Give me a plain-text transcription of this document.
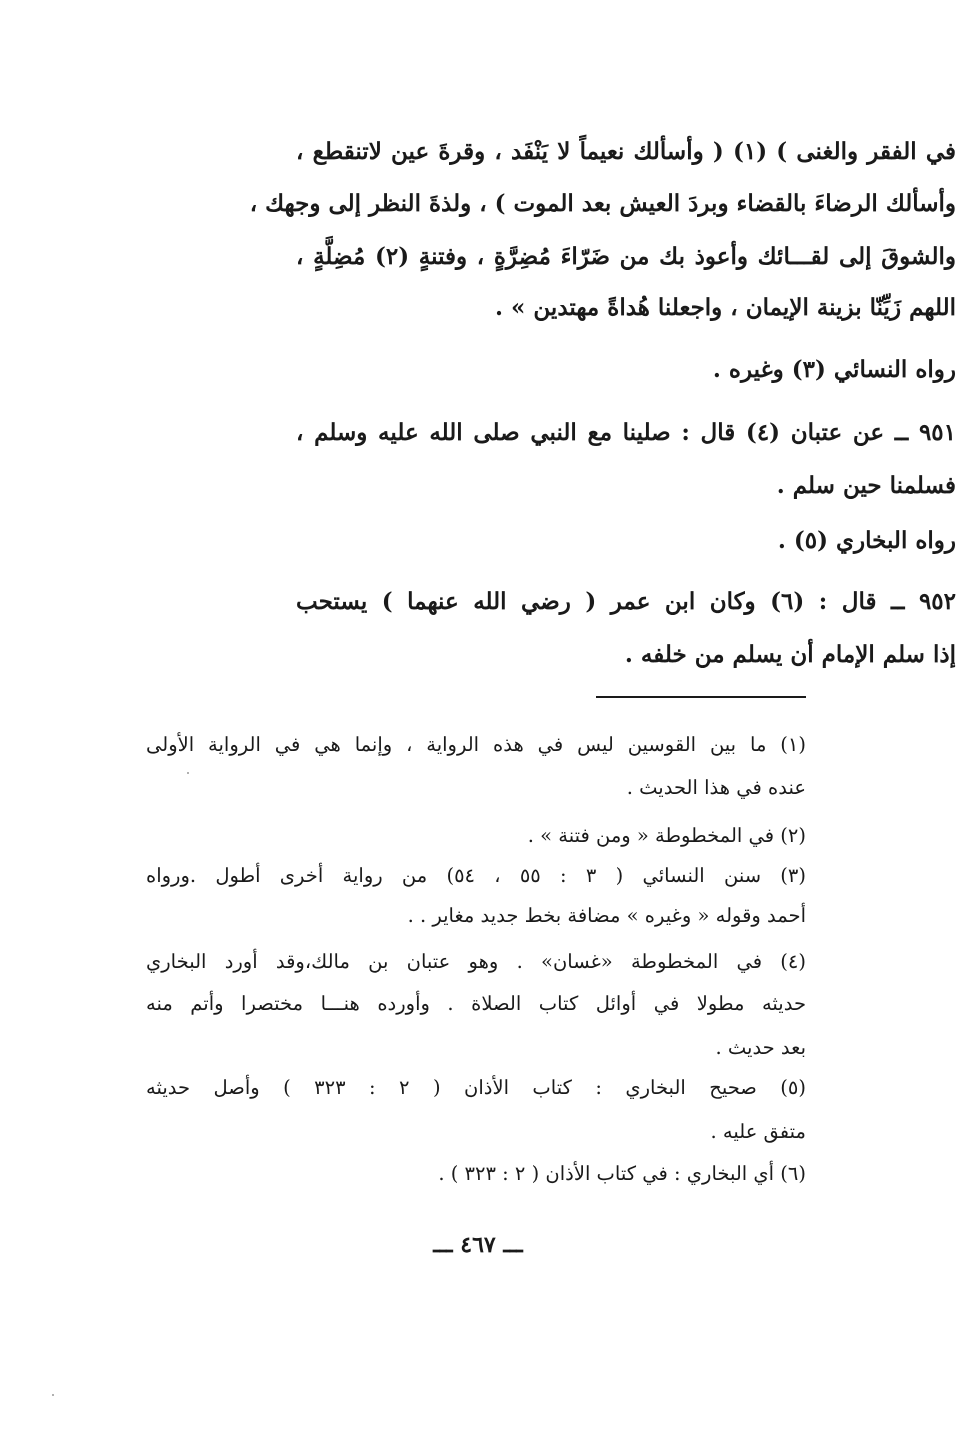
في الفقر والغنى ) (١) ( وأسألك نعيماً لا يَنْفَد ، وقرةَ عين لاتنقطع ،
وأسألك الرضاءَ بالقضاء وبردَ العيش بعد الموت ) ، ولذةَ النظر إلى وجهك ،
والشوقَ إلى لقـــائك وأعوذ بك من ضَرّاءَ مُضِرَّةٍ ، وفتنةٍ (٢) مُضِلَّةٍ ،
اللهم زَيِّنّا بزينة الإيمان ، واجعلنا هُداةً مهتدين » .
رواه النسائي (٣) وغيره .
٩٥١ ــ عن عتبان (٤) قال : صلينا مع النبي صلى الله عليه وسلم ،
فسلمنا حين سلم .
رواه البخاري (٥) .
٩٥٢ ــ قال : (٦) وكان ابن عمر ( رضي الله عنهما ) يستحب
إذا سلم الإمام أن يسلم من خلفه .
(١) ما بين القوسين ليس في هذه الرواية ، وإنما هي في الرواية الأولى
عنده في هذا الحديث .
(٢) في المخطوطة « ومن فتنة » .
(٣) سنن النسائي ( ٣ : ٥٥ ، ٥٤) من رواية أخرى أطول .ورواه
أحمد وقوله « وغيره » مضافة بخط جديد مغاير . .
(٤) في المخطوطة «غسان» . وهو عتبان بن مالك،وقد أورد البخاري
حديثه مطولا في أوائل كتاب الصلاة . وأورده هنـــا مختصرا وأتم منه
بعد حديث .
(٥) صحيح البخاري : كتاب الأذان ( ٢ : ٣٢٣ ) وأصل حديثه
متفق عليه .
(٦) أي البخاري : في كتاب الأذان ( ٢ : ٣٢٣ ) .
ـــ ٤٦٧ ـــ
